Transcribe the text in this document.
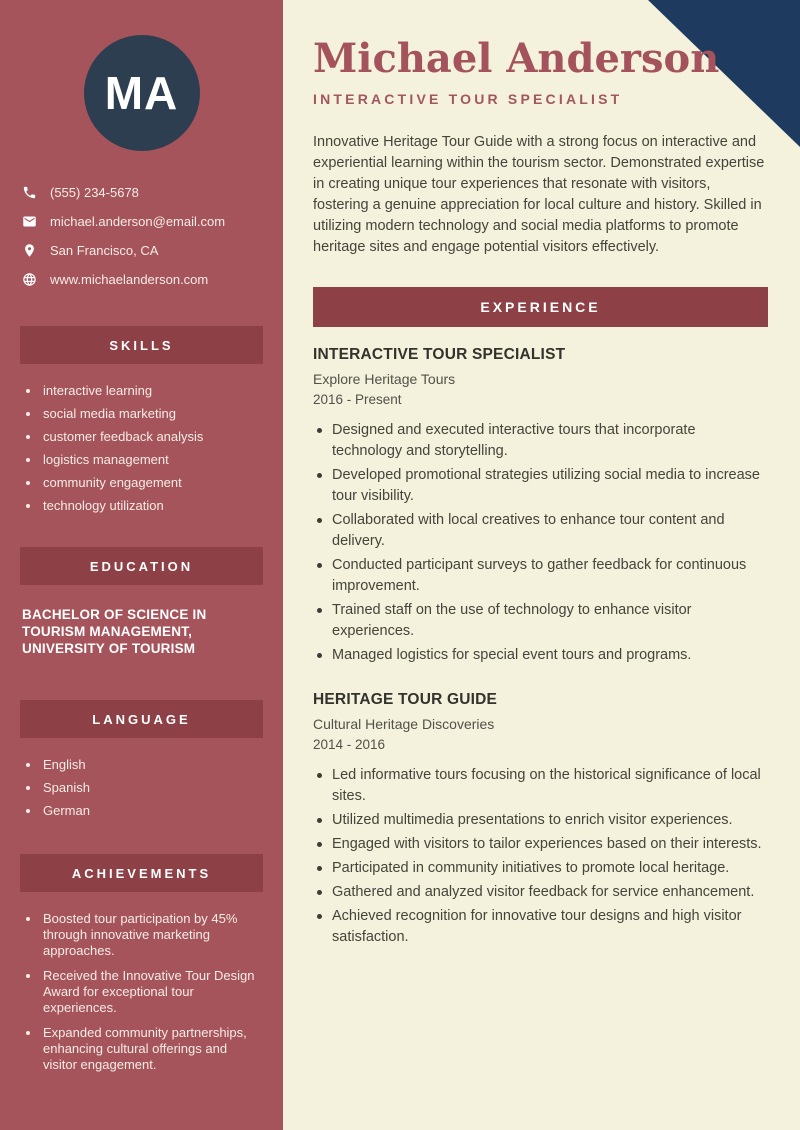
MA
(555) 234-5678
michael.anderson@email.com
San Francisco, CA
www.michaelanderson.com
SKILLS
interactive learning
social media marketing
customer feedback analysis
logistics management
community engagement
technology utilization
EDUCATION
BACHELOR OF SCIENCE IN TOURISM MANAGEMENT, UNIVERSITY OF TOURISM
LANGUAGE
English
Spanish
German
ACHIEVEMENTS
Boosted tour participation by 45% through innovative marketing approaches.
Received the Innovative Tour Design Award for exceptional tour experiences.
Expanded community partnerships, enhancing cultural offerings and visitor engagement.
Michael Anderson
INTERACTIVE TOUR SPECIALIST

Innovative Heritage Tour Guide with a strong focus on interactive and experiential learning within the tourism sector. Demonstrated expertise in creating unique tour experiences that resonate with visitors, fostering a genuine appreciation for local culture and history. Skilled in utilizing modern technology and social media platforms to promote heritage sites and engage potential visitors effectively.

EXPERIENCE
INTERACTIVE TOUR SPECIALIST
Explore Heritage Tours
2016 - Present
Designed and executed interactive tours that incorporate technology and storytelling.
Developed promotional strategies utilizing social media to increase tour visibility.
Collaborated with local creatives to enhance tour content and delivery.
Conducted participant surveys to gather feedback for continuous improvement.
Trained staff on the use of technology to enhance visitor experiences.
Managed logistics for special event tours and programs.
HERITAGE TOUR GUIDE
Cultural Heritage Discoveries
2014 - 2016
Led informative tours focusing on the historical significance of local sites.
Utilized multimedia presentations to enrich visitor experiences.
Engaged with visitors to tailor experiences based on their interests.
Participated in community initiatives to promote local heritage.
Gathered and analyzed visitor feedback for service enhancement.
Achieved recognition for innovative tour designs and high visitor satisfaction.
